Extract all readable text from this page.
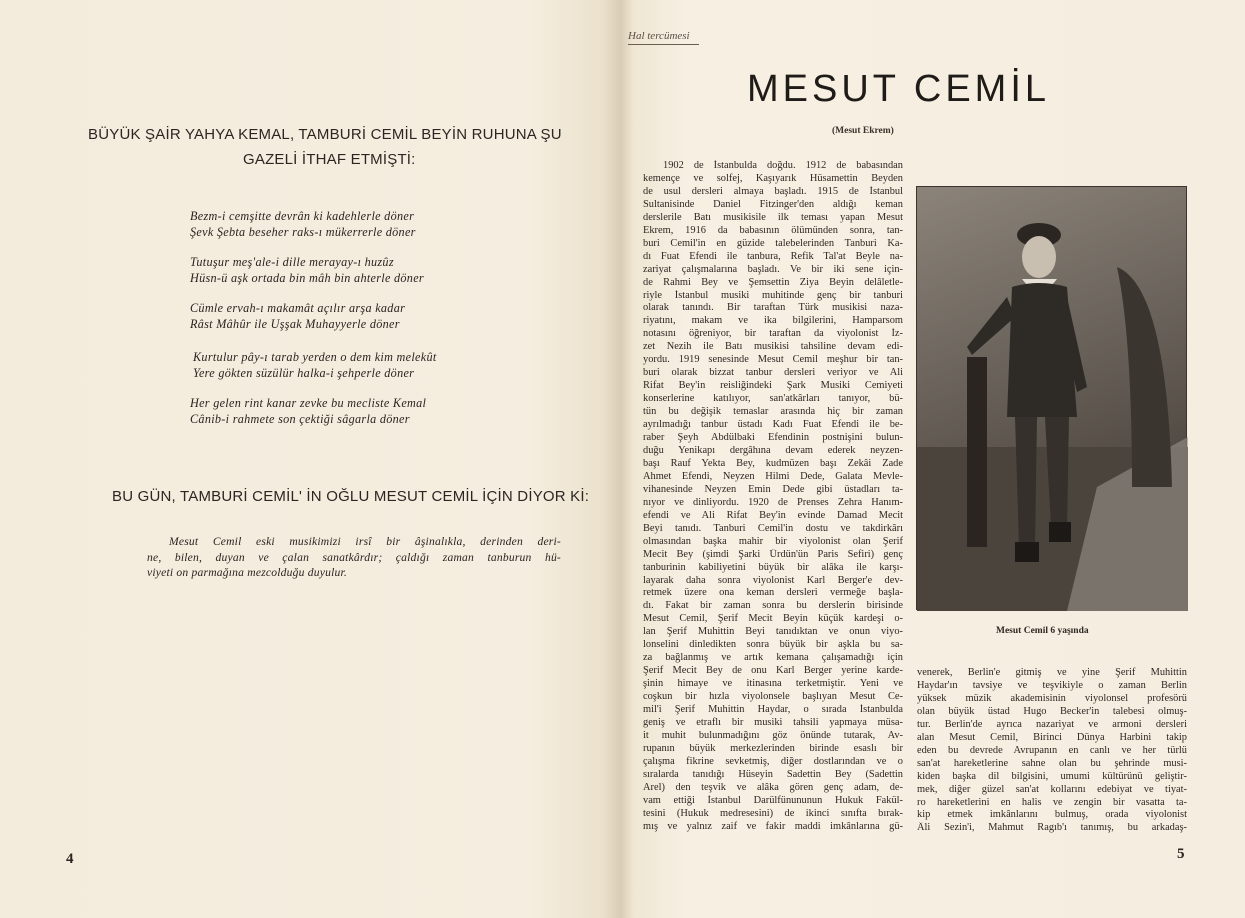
BÜYÜK ŞAİR YAHYA KEMAL, TAMBURİ CEMİL BEYİN RUHUNA ŞU
GAZELİ İTHAF ETMİŞTİ:
Bezm-i cemşitte devrân ki kadehlerle döner
Şevk Şebta beseher raks-ı mükerrerle döner
Tutuşur meş'ale-i dille merayay-ı huzûz
Hüsn-ü aşk ortada bin mâh bin ahterle döner
Cümle ervah-ı makamât açılır arşa kadar
Râst Mâhûr ile Uşşak Muhayyerle döner
Kurtulur pây-ı tarab yerden o dem kim melekût
Yere gökten süzülür halka-i şehperle döner
Her gelen rint kanar zevke bu mecliste Kemal
Cânib-i rahmete son çektiği sâgarla döner
BU GÜN, TAMBURİ CEMİL' İN OĞLU MESUT CEMİL İÇİN DİYOR Kİ:
Mesut Cemil eski musikimizi irsî bir âşinalıkla, derinden deri-
ne, bilen, duyan ve çalan sanatkârdır; çaldığı zaman tanburun hü-
viyeti on parmağına mezcolduğu duyulur.
4
Hal tercümesi
MESUT CEMİL
(Mesut Ekrem)
1902 de İstanbulda doğdu. 1912 de babasından
kemençe ve solfej, Kaşıyarık Hüsamettin Beyden
de usul dersleri almaya başladı. 1915 de İstanbul
Sultanisinde Daniel Fitzinger'den aldığı keman
derslerile Batı musikisile ilk teması yapan Mesut
Ekrem, 1916 da babasının ölümünden sonra, tan-
buri Cemil'in en güzide talebelerinden Tanburi Ka-
dı Fuat Efendi ile tanbura, Refik Tal'at Beyle na-
zariyat çalışmalarına başladı. Ve bir iki sene için-
de Rahmi Bey ve Şemsettin Ziya Beyin delâletle-
riyle İstanbul musiki muhitinde genç bir tanburi
olarak tanındı. Bir taraftan Türk musikisi naza-
riyatını, makam ve ika bilgilerini, Hamparsom
notasını öğreniyor, bir taraftan da viyolonist İz-
zet Nezih ile Batı musikisi tahsiline devam edi-
yordu. 1919 senesinde Mesut Cemil meşhur bir tan-
buri olarak bizzat tanbur dersleri veriyor ve Ali
Rifat Bey'in reisliğindeki Şark Musiki Cemiyeti
konserlerine katılıyor, san'atkârları tanıyor, bü-
tün bu değişik temaslar arasında hiç bir zaman
ayrılmadığı tanbur üstadı Kadı Fuat Efendi ile be-
raber Şeyh Abdülbaki Efendinin postnişini bulun-
duğu Yenikapı dergâhına devam ederek neyzen-
başı Rauf Yekta Bey, kudmüzen başı Zekâi Zade
Ahmet Efendi, Neyzen Hilmi Dede, Galata Mevle-
vihanesinde Neyzen Emin Dede gibi üstadları ta-
nıyor ve dinliyordu. 1920 de Prenses Zehra Hanım-
efendi ve Ali Rifat Bey'in evinde Damad Mecit
Beyi tanıdı. Tanburi Cemil'in dostu ve takdirkârı
olmasından başka mahir bir viyolonist olan Şerif
Mecit Bey (şimdi Şarki Ürdün'ün Paris Sefiri) genç
tanburinin kabiliyetini büyük bir alâka ile karşı-
layarak daha sonra viyolonist Karl Berger'e dev-
retmek üzere ona keman dersleri vermeğe başla-
dı. Fakat bir zaman sonra bu derslerin birisinde
Mesut Cemil, Şerif Mecit Beyin küçük kardeşi o-
lan Şerif Muhittin Beyi tanıdıktan ve onun viyo-
lonselini dinledikten sonra büyük bir aşkla bu sa-
za bağlanmış ve artık kemana çalışamadığı için
Şerif Mecit Bey de onu Karl Berger yerine karde-
şinin himaye ve itinasına terketmiştir. Yeni ve
coşkun bir hızla viyolonsele başlıyan Mesut Ce-
mil'i Şerif Muhittin Haydar, o sırada İstanbulda
geniş ve etraflı bir musiki tahsili yapmaya müsa-
it muhit bulunmadığını göz önünde tutarak, Av-
rupanın büyük merkezlerinden birinde esaslı bir
çalışma fikrine sevketmiş, diğer dostlarından ve o
sıralarda tanıdığı Hüseyin Sadettin Bey (Sadettin
Arel) den teşvik ve alâka gören genç adam, de-
vam ettiği İstanbul Darülfünununun Hukuk Fakül-
tesini (Hukuk medresesini) de ikinci sınıfta bırak-
mış ve yalnız zaif ve fakir maddi imkânlarına gü-
venerek, Berlin'e gitmiş ve yine Şerif Muhittin
Haydar'ın tavsiye ve teşvikiyle o zaman Berlin
yüksek müzik akademisinin viyolonsel profesörü
olan büyük üstad Hugo Becker'in talebesi olmuş-
tur. Berlin'de ayrıca nazariyat ve armoni dersleri
alan Mesut Cemil, Birinci Dünya Harbini takip
eden bu devrede Avrupanın en canlı ve her türlü
san'at hareketlerine sahne olan bu şehrinde musi-
kiden başka dil bilgisini, umumi kültürünü geliştir-
mek, diğer güzel san'at kollarını edebiyat ve tiyat-
ro hareketlerini en halis ve zengin bir vasatta ta-
kip etmek imkânlarını bulmuş, orada viyolonist
Âli Sezin'i, Mahmut Ragıb'ı tanımış, bu arkadaş-
Mesut Cemil 6 yaşında
5
